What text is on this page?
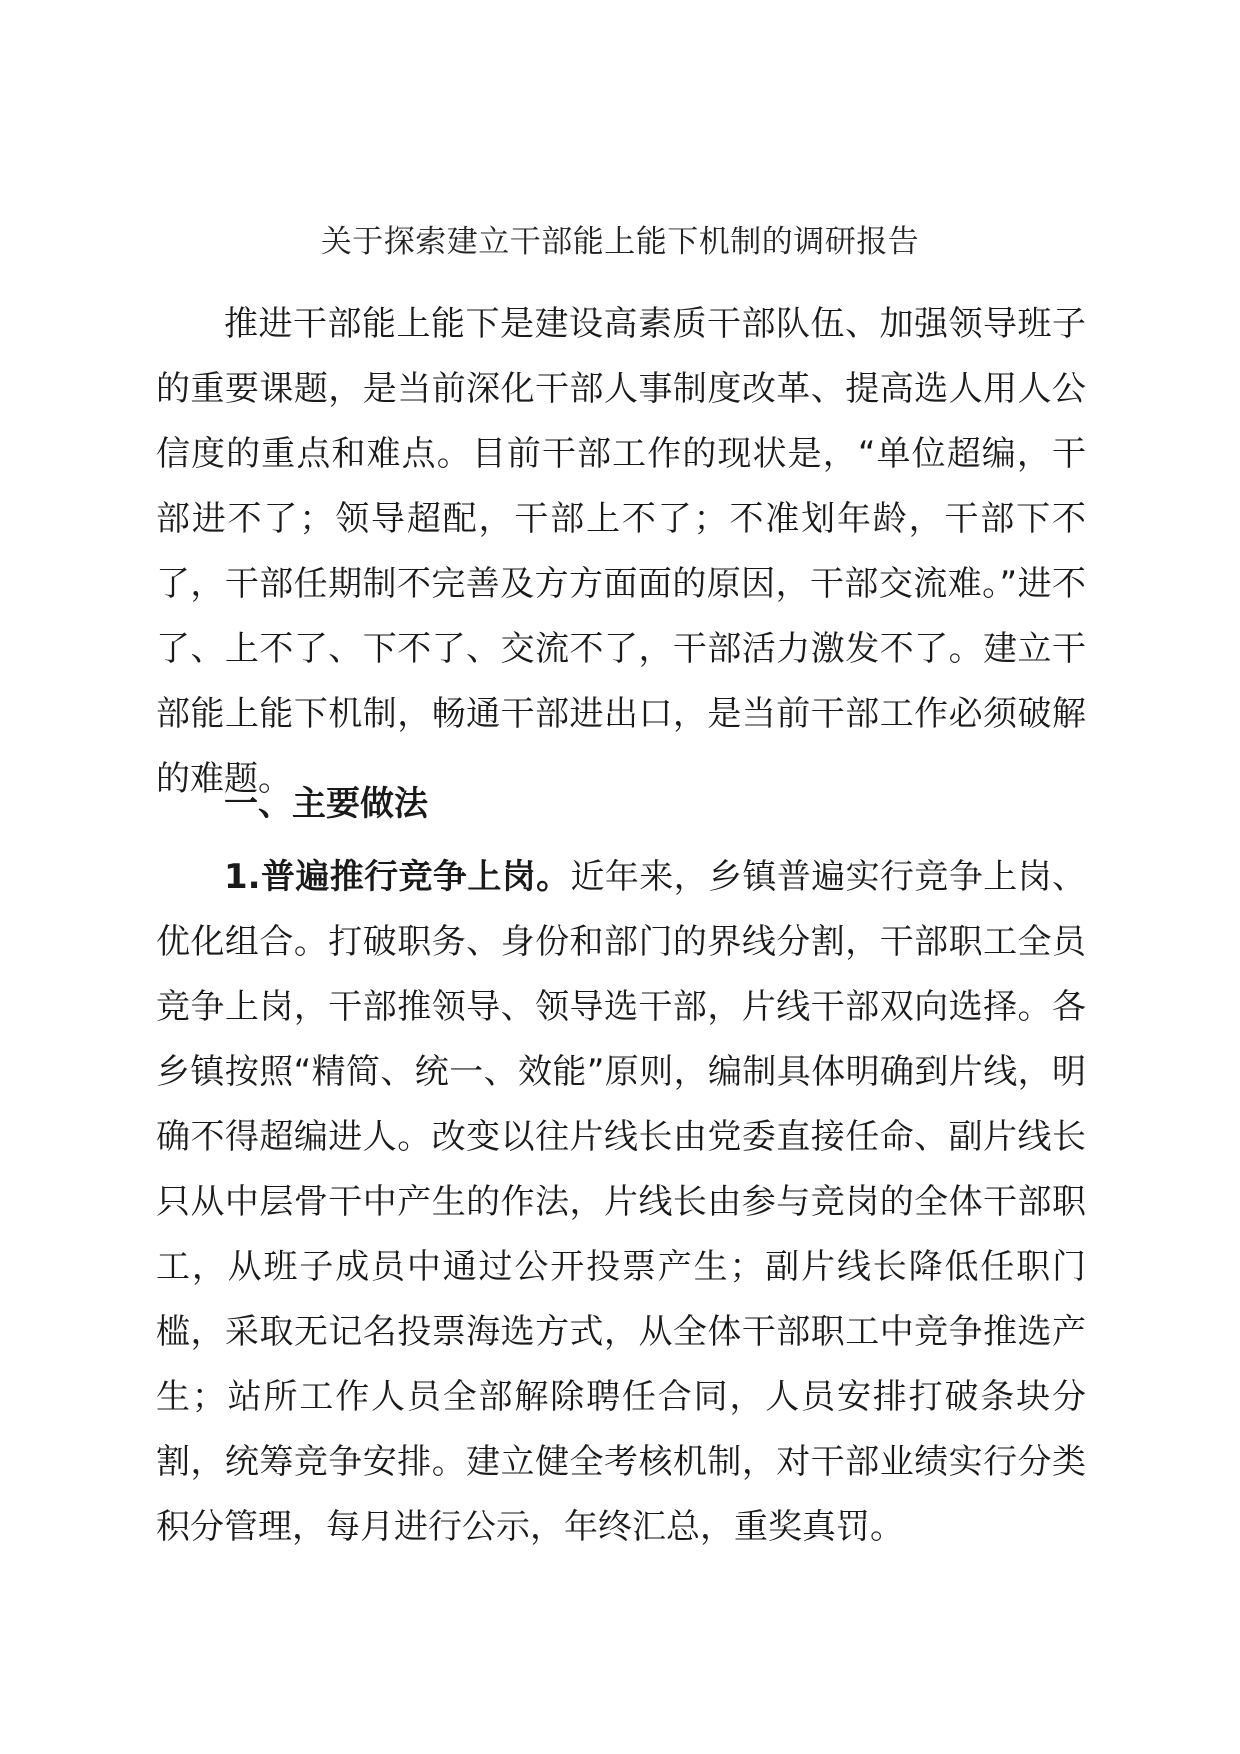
关于探索建立干部能上能下机制的调研报告

推进干部能上能下是建设高素质干部队伍、加强领导班子的重要课题，是当前深化干部人事制度改革、提高选人用人公信度的重点和难点。目前干部工作的现状是，“单位超编，干部进不了；领导超配，干部上不了；不准划年龄，干部下不了，干部任期制不完善及方方面面的原因，干部交流难。”进不了、上不了、下不了、交流不了，干部活力激发不了。建立干部能上能下机制，畅通干部进出口，是当前干部工作必须破解的难题。

一、主要做法

1.普遍推行竞争上岗。近年来，乡镇普遍实行竞争上岗、优化组合。打破职务、身份和部门的界线分割，干部职工全员竞争上岗，干部推领导、领导选干部，片线干部双向选择。各乡镇按照“精简、统一、效能”原则，编制具体明确到片线，明确不得超编进人。改变以往片线长由党委直接任命、副片线长只从中层骨干中产生的作法，片线长由参与竞岗的全体干部职工，从班子成员中通过公开投票产生；副片线长降低任职门槛，采取无记名投票海选方式，从全体干部职工中竞争推选产生；站所工作人员全部解除聘任合同，人员安排打破条块分割，统筹竞争安排。建立健全考核机制，对干部业绩实行分类积分管理，每月进行公示，年终汇总，重奖真罚。
